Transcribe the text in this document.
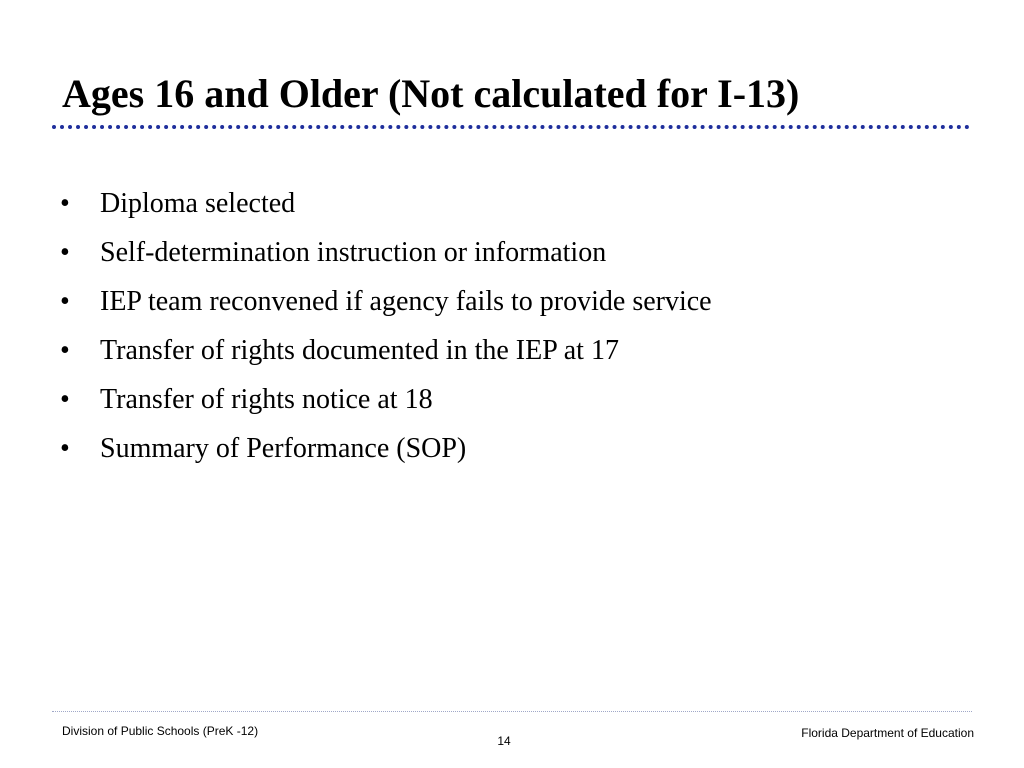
Ages 16 and Older (Not calculated for I-13)
•	Diploma selected
•	Self-determination instruction or information
•	IEP team reconvened if agency fails to provide service
•	Transfer of rights documented in the IEP at 17
•	Transfer of rights notice at 18
•	Summary of Performance (SOP)
Division of Public Schools (PreK -12)
14
Florida Department of Education
